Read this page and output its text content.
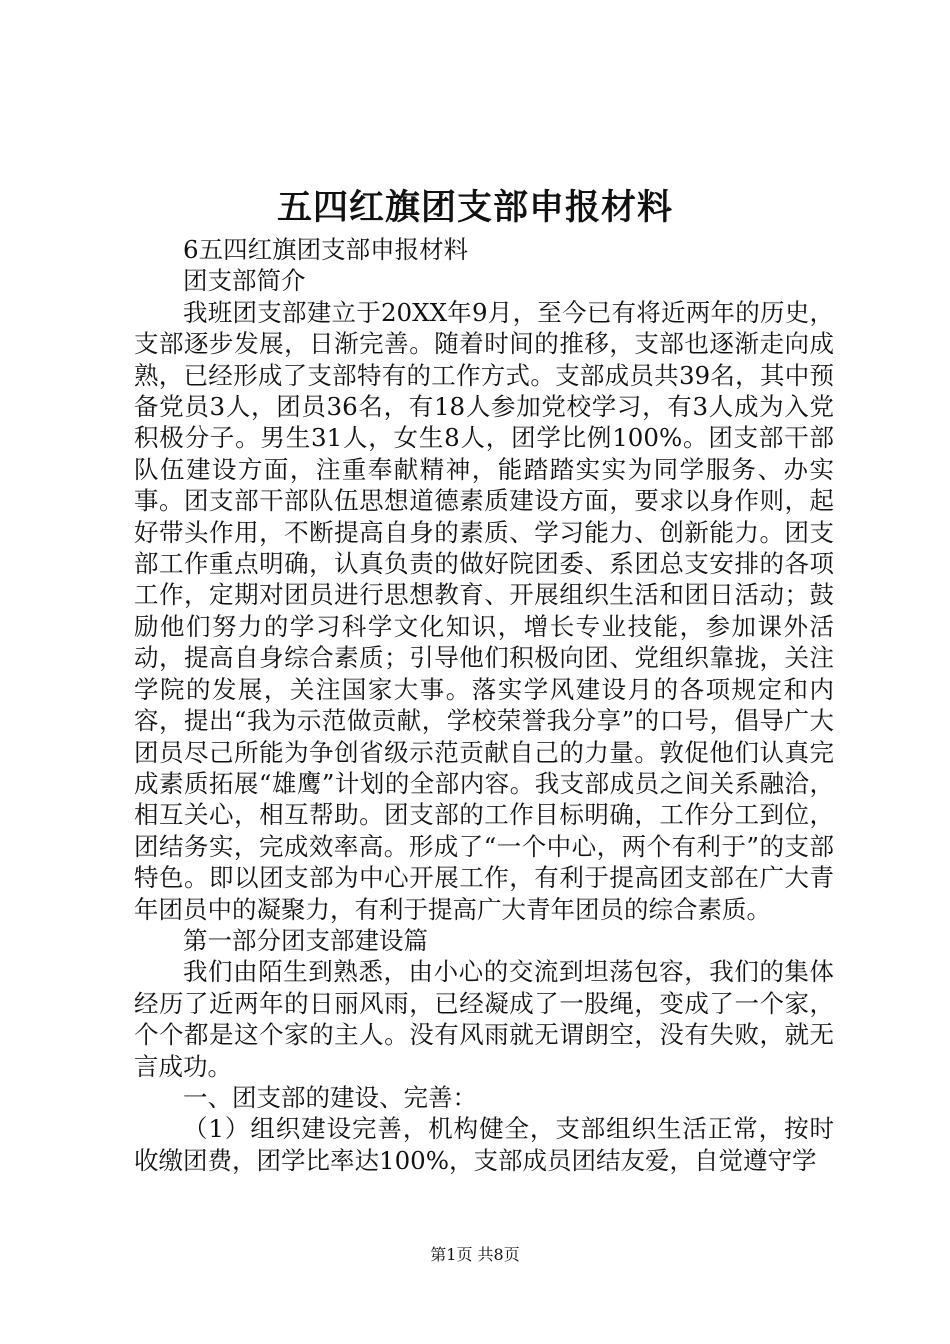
五四红旗团支部申报材料

6五四红旗团支部申报材料

团支部简介

我班团支部建立于20XX年9月，至今已有将近两年的历史，支部逐步发展，日渐完善。随着时间的推移，支部也逐渐走向成熟，已经形成了支部特有的工作方式。支部成员共39名，其中预备党员3人，团员36名，有18人参加党校学习，有3人成为入党积极分子。男生31人，女生8人，团学比例100%。团支部干部队伍建设方面，注重奉献精神，能踏踏实实为同学服务、办实事。团支部干部队伍思想道德素质建设方面，要求以身作则，起好带头作用，不断提高自身的素质、学习能力、创新能力。团支部工作重点明确，认真负责的做好院团委、系团总支安排的各项工作，定期对团员进行思想教育、开展组织生活和团日活动；鼓励他们努力的学习科学文化知识，增长专业技能，参加课外活动，提高自身综合素质；引导他们积极向团、党组织靠拢，关注学院的发展，关注国家大事。落实学风建设月的各项规定和内容，提出“我为示范做贡献，学校荣誉我分享”的口号，倡导广大团员尽己所能为争创省级示范贡献自己的力量。敦促他们认真完成素质拓展“雄鹰”计划的全部内容。我支部成员之间关系融洽，相互关心，相互帮助。团支部的工作目标明确，工作分工到位，团结务实，完成效率高。形成了“一个中心，两个有利于”的支部特色。即以团支部为中心开展工作，有利于提高团支部在广大青年团员中的凝聚力，有利于提高广大青年团员的综合素质。

第一部分团支部建设篇

我们由陌生到熟悉，由小心的交流到坦荡包容，我们的集体经历了近两年的日丽风雨，已经凝成了一股绳，变成了一个家，个个都是这个家的主人。没有风雨就无谓朗空，没有失败，就无言成功。

一、团支部的建设、完善：

（1）组织建设完善，机构健全，支部组织生活正常，按时收缴团费，团学比率达100%，支部成员团结友爱，自觉遵守学

第1页 共8页
